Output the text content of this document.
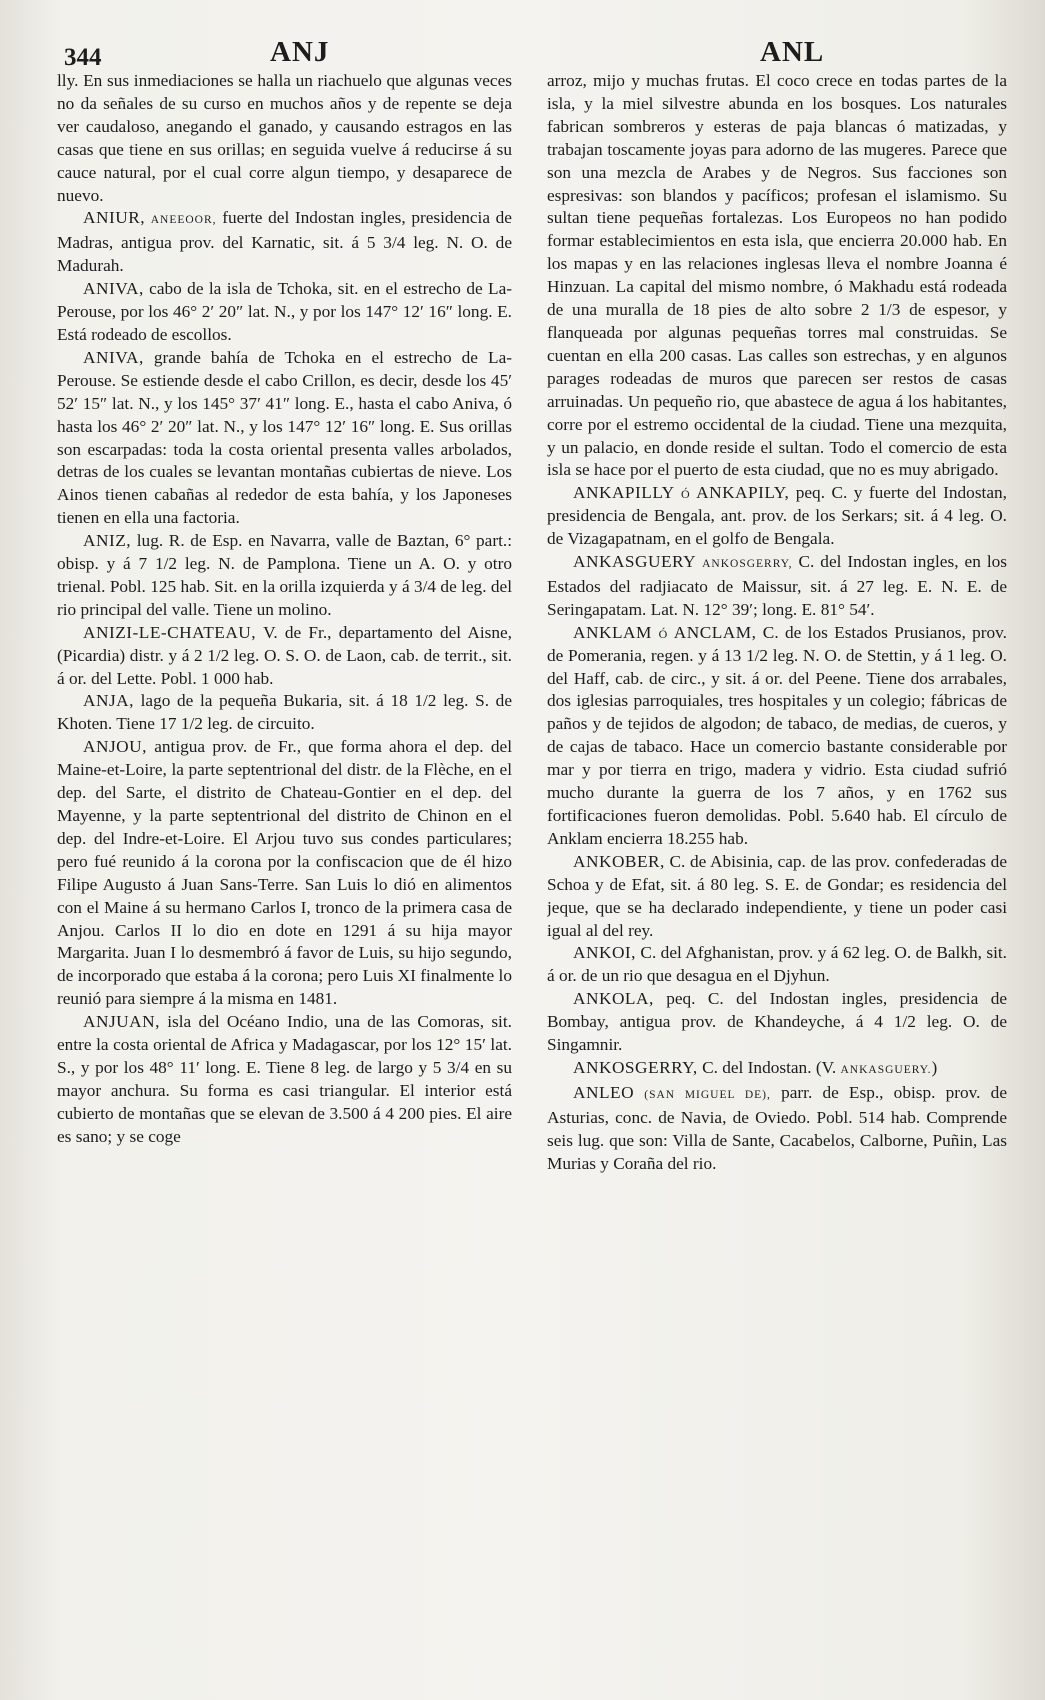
344	ANJ	ANL

lly. En sus inmediaciones se halla un riachuelo que algunas veces no da señales de su curso en muchos años y de repente se deja ver caudaloso, anegando el ganado, y causando estragos en las casas que tiene en sus orillas; en seguida vuelve á reducirse á su cauce natural, por el cual corre algun tiempo, y desaparece de nuevo.

ANIUR, ANEEOOR, fuerte del Indostan ingles, presidencia de Madras, antigua prov. del Karnatic, sit. á 5 3/4 leg. N. O. de Madurah.

ANIVA, cabo de la isla de Tchoka, sit. en el estrecho de La-Perouse, por los 46° 2′ 20″ lat. N., y por los 147° 12′ 16″ long. E. Está rodeado de escollos.

ANIVA, grande bahía de Tchoka en el estrecho de La-Perouse. Se estiende desde el cabo Crillon, es decir, desde los 45′ 52′ 15″ lat. N., y los 145° 37′ 41″ long. E., hasta el cabo Aniva, ó hasta los 46° 2′ 20″ lat. N., y los 147° 12′ 16″ long. E. Sus orillas son escarpadas: toda la costa oriental presenta valles arbolados, detras de los cuales se levantan montañas cubiertas de nieve. Los Ainos tienen cabañas al rededor de esta bahía, y los Japoneses tienen en ella una factoria.

ANIZ, lug. R. de Esp. en Navarra, valle de Baztan, 6° part.: obisp. y á 7 1/2 leg. N. de Pamplona. Tiene un A. O. y otro trienal. Pobl. 125 hab. Sit. en la orilla izquierda y á 3/4 de leg. del rio principal del valle. Tiene un molino.

ANIZI-LE-CHATEAU, V. de Fr., departamento del Aisne, (Picardia) distr. y á 2 1/2 leg. O. S. O. de Laon, cab. de territ., sit. á or. del Lette. Pobl. 1 000 hab.

ANJA, lago de la pequeña Bukaria, sit. á 18 1/2 leg. S. de Khoten. Tiene 17 1/2 leg. de circuito.

ANJOU, antigua prov. de Fr., que forma ahora el dep. del Maine-et-Loire, la parte septentrional del distr. de la Flèche, en el dep. del Sarte, el distrito de Chateau-Gontier en el dep. del Mayenne, y la parte septentrional del distrito de Chinon en el dep. del Indre-et-Loire. El Arjou tuvo sus condes particulares; pero fué reunido á la corona por la confiscacion que de él hizo Filipe Augusto á Juan Sans-Terre. San Luis lo dió en alimentos con el Maine á su hermano Carlos I, tronco de la primera casa de Anjou. Carlos II lo dio en dote en 1291 á su hija mayor Margarita. Juan I lo desmembró á favor de Luis, su hijo segundo, de incorporado que estaba á la corona; pero Luis XI finalmente lo reunió para siempre á la misma en 1481.

ANJUAN, isla del Océano Indio, una de las Comoras, sit. entre la costa oriental de Africa y Madagascar, por los 12° 15′ lat. S., y por los 48° 11′ long. E. Tiene 8 leg. de largo y 5 3/4 en su mayor anchura. Su forma es casi triangular. El interior está cubierto de montañas que se elevan de 3.500 á 4 200 pies. El aire es sano; y se coge

arroz, mijo y muchas frutas. El coco crece en todas partes de la isla, y la miel silvestre abunda en los bosques. Los naturales fabrican sombreros y esteras de paja blancas ó matizadas, y trabajan toscamente joyas para adorno de las mugeres. Parece que son una mezcla de Arabes y de Negros. Sus facciones son espresivas: son blandos y pacíficos; profesan el islamismo. Su sultan tiene pequeñas fortalezas. Los Europeos no han podido formar establecimientos en esta isla, que encierra 20.000 hab. En los mapas y en las relaciones inglesas lleva el nombre Joanna é Hinzuan. La capital del mismo nombre, ó Makhadu está rodeada de una muralla de 18 pies de alto sobre 2 1/3 de espesor, y flanqueada por algunas pequeñas torres mal construidas. Se cuentan en ella 200 casas. Las calles son estrechas, y en algunos parages rodeadas de muros que parecen ser restos de casas arruinadas. Un pequeño rio, que abastece de agua á los habitantes, corre por el estremo occidental de la ciudad. Tiene una mezquita, y un palacio, en donde reside el sultan. Todo el comercio de esta isla se hace por el puerto de esta ciudad, que no es muy abrigado.

ANKAPILLY ó ANKAPILY, peq. C. y fuerte del Indostan, presidencia de Bengala, ant. prov. de los Serkars; sit. á 4 leg. O. de Vizagapatnam, en el golfo de Bengala.

ANKASGUERY ANKOSGERRY, C. del Indostan ingles, en los Estados del radjiacato de Maissur, sit. á 27 leg. E. N. E. de Seringapatam. Lat. N. 12° 39′; long. E. 81° 54′.

ANKLAM ó ANCLAM, C. de los Estados Prusianos, prov. de Pomerania, regen. y á 13 1/2 leg. N. O. de Stettin, y á 1 leg. O. del Haff, cab. de circ., y sit. á or. del Peene. Tiene dos arrabales, dos iglesias parroquiales, tres hospitales y un colegio; fábricas de paños y de tejidos de algodon; de tabaco, de medias, de cueros, y de cajas de tabaco. Hace un comercio bastante considerable por mar y por tierra en trigo, madera y vidrio. Esta ciudad sufrió mucho durante la guerra de los 7 años, y en 1762 sus fortificaciones fueron demolidas. Pobl. 5.640 hab. El círculo de Anklam encierra 18.255 hab.

ANKOBER, C. de Abisinia, cap. de las prov. confederadas de Schoa y de Efat, sit. á 80 leg. S. E. de Gondar; es residencia del jeque, que se ha declarado independiente, y tiene un poder casi igual al del rey.

ANKOI, C. del Afghanistan, prov. y á 62 leg. O. de Balkh, sit. á or. de un rio que desagua en el Djyhun.

ANKOLA, peq. C. del Indostan ingles, presidencia de Bombay, antigua prov. de Khandeyche, á 4 1/2 leg. O. de Singamnir.

ANKOSGERRY, C. del Indostan. (V. ANKASGUERY.)

ANLEO (SAN MIGUEL DE), parr. de Esp., obisp. prov. de Asturias, conc. de Navia, de Oviedo. Pobl. 514 hab. Comprende seis lug. que son: Villa de Sante, Cacabelos, Calborne, Puñin, Las Murias y Coraña del rio.
